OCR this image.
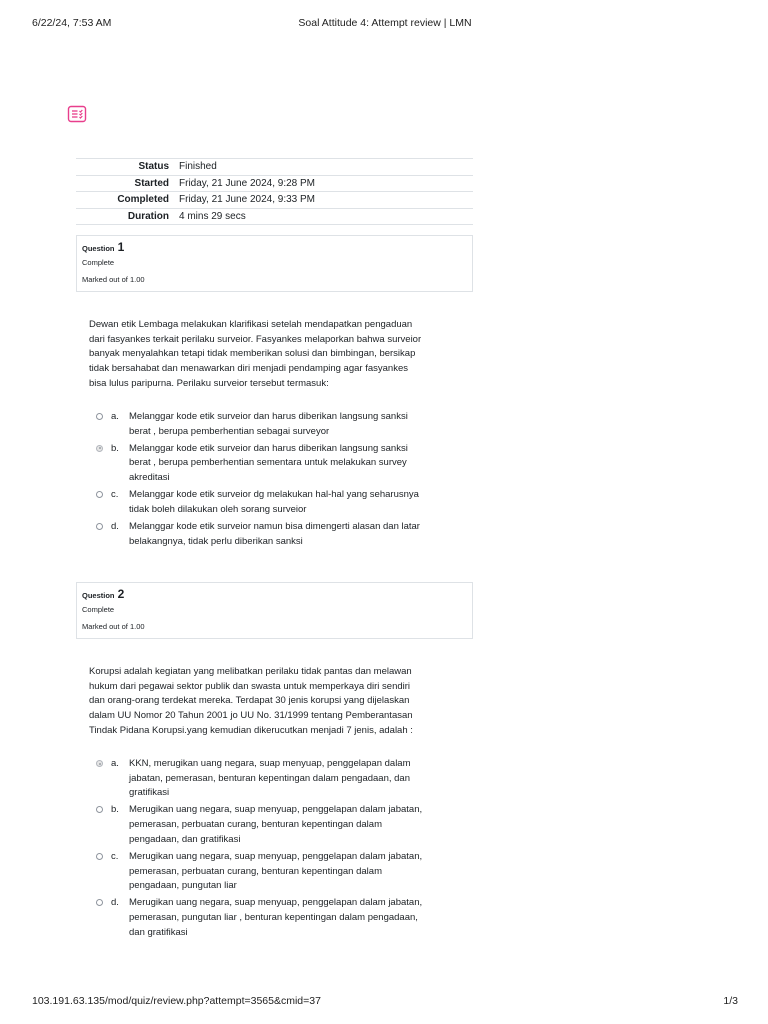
6/22/24, 7:53 AM	Soal Attitude 4: Attempt review | LMN
Status	Finished
Started	Friday, 21 June 2024, 9:28 PM
Completed	Friday, 21 June 2024, 9:33 PM
Duration	4 mins 29 secs
Question 1
Complete
Marked out of 1.00
Dewan etik Lembaga melakukan klarifikasi setelah mendapatkan pengaduan
dari fasyankes terkait perilaku surveior. Fasyankes melaporkan bahwa surveior
banyak menyalahkan tetapi tidak memberikan solusi dan bimbingan, bersikap
tidak bersahabat dan menawarkan diri menjadi pendamping agar fasyankes
bisa lulus paripurna. Perilaku surveior tersebut termasuk:
a. Melanggar kode etik surveior dan harus diberikan langsung sanksi
berat , berupa pemberhentian sebagai surveyor
b. Melanggar kode etik surveior dan harus diberikan langsung sanksi
berat , berupa pemberhentian sementara untuk melakukan survey
akreditasi
c. Melanggar kode etik surveior dg melakukan hal-hal yang seharusnya
tidak boleh dilakukan oleh sorang surveior
d. Melanggar kode etik surveior namun bisa dimengerti alasan dan latar
belakangnya, tidak perlu diberikan sanksi
Question 2
Complete
Marked out of 1.00
Korupsi adalah kegiatan yang melibatkan perilaku tidak pantas dan melawan
hukum dari pegawai sektor publik dan swasta untuk memperkaya diri sendiri
dan orang-orang terdekat mereka. Terdapat 30 jenis korupsi yang dijelaskan
dalam UU Nomor 20 Tahun 2001 jo UU No. 31/1999 tentang Pemberantasan
Tindak Pidana Korupsi.yang kemudian dikerucutkan menjadi 7 jenis, adalah :
a. KKN, merugikan uang negara, suap menyuap, penggelapan dalam
jabatan, pemerasan, benturan kepentingan dalam pengadaan, dan
gratifikasi
b. Merugikan uang negara, suap menyuap, penggelapan dalam jabatan,
pemerasan, perbuatan curang, benturan kepentingan dalam
pengadaan, dan gratifikasi
c. Merugikan uang negara, suap menyuap, penggelapan dalam jabatan,
pemerasan, perbuatan curang, benturan kepentingan dalam
pengadaan, pungutan liar
d. Merugikan uang negara, suap menyuap, penggelapan dalam jabatan,
pemerasan, pungutan liar , benturan kepentingan dalam pengadaan,
dan gratifikasi
103.191.63.135/mod/quiz/review.php?attempt=3565&cmid=37	1/3
